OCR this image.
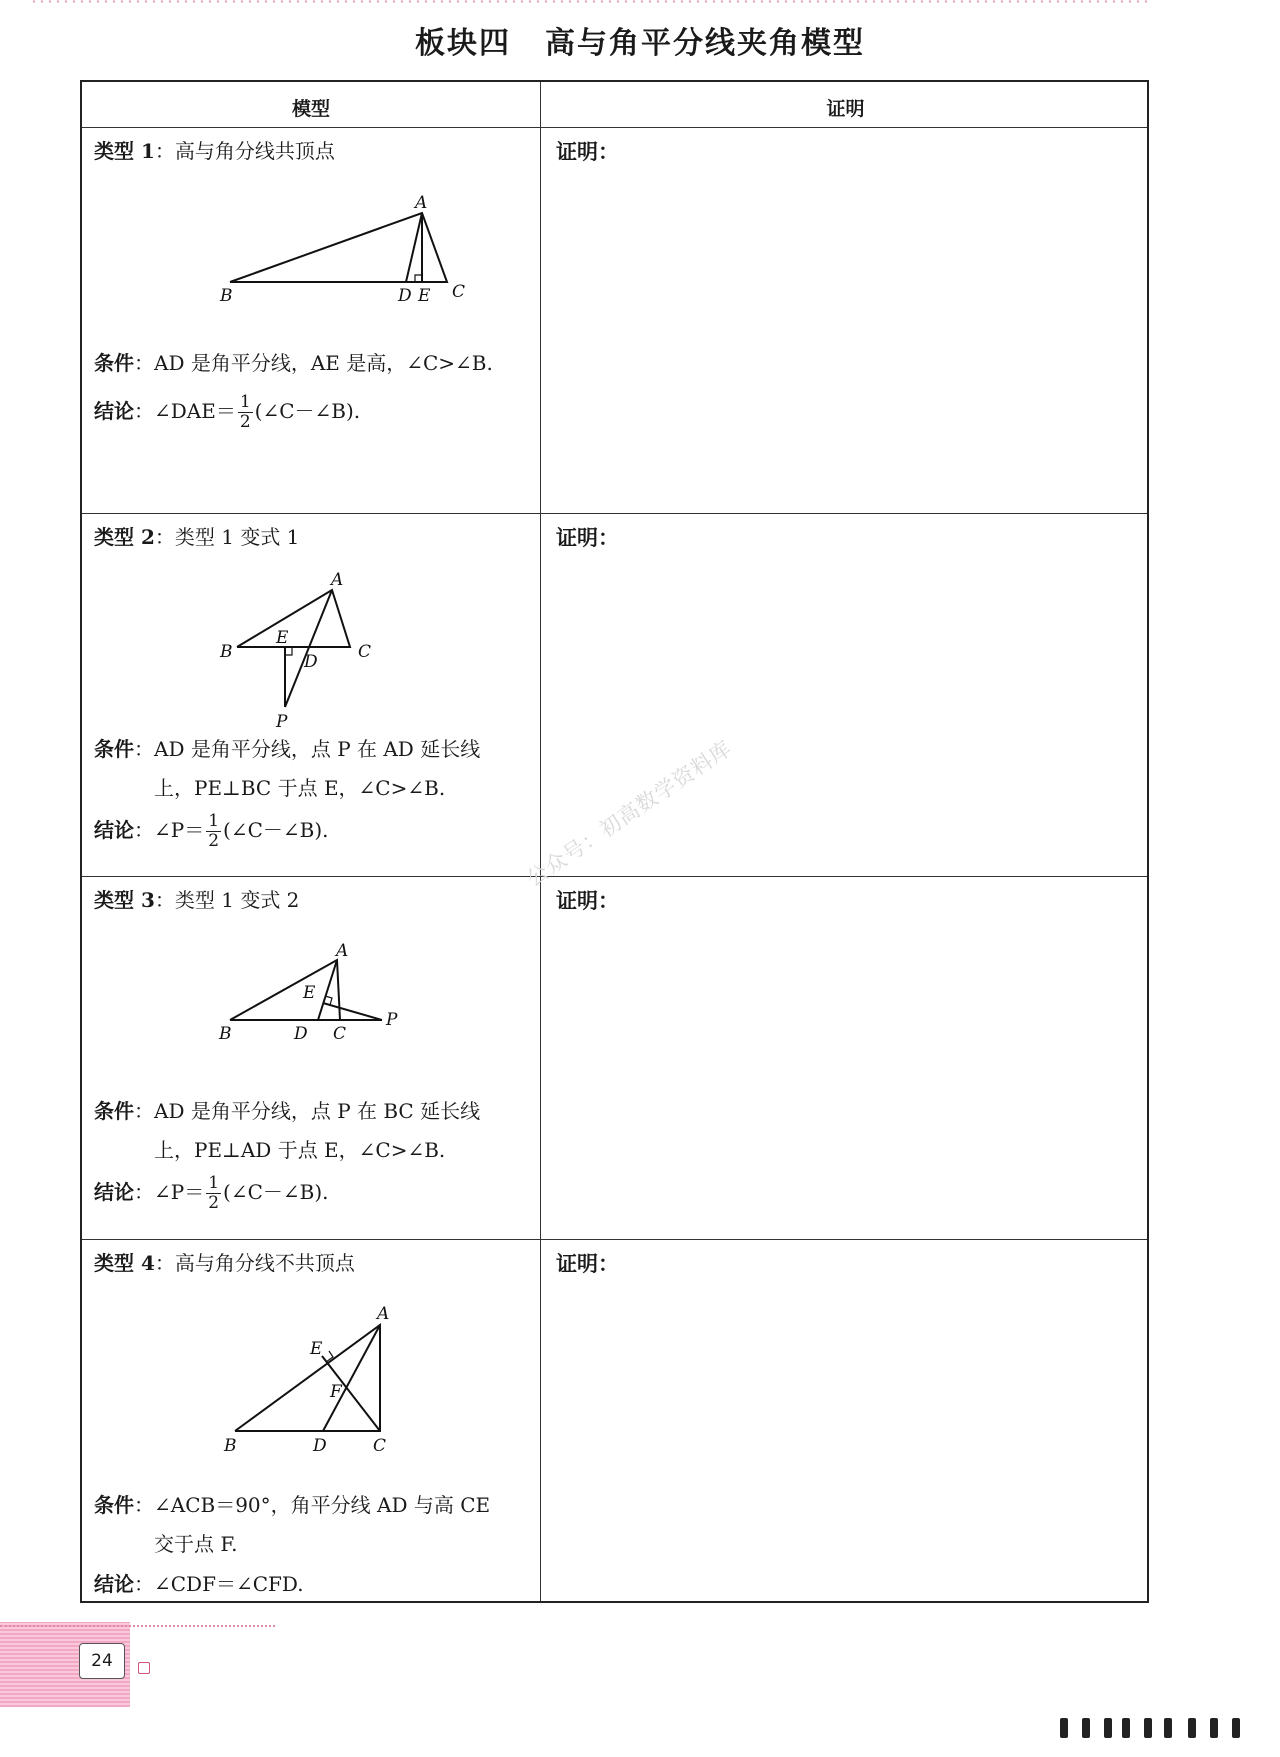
板块四 高与角平分线夹角模型
模型	证明
类型 1：高与角分线共顶点
A
B	D E C
条件：AD 是角平分线，AE 是高，∠C>∠B.
结论：∠DAE＝ $\frac{1}{2}$ (∠C－∠B).
证明：
类型 2：类型 1 变式 1
A
B
E
D C
P
条件：AD 是角平分线，点 P 在 AD 延长线
上，PE⊥BC 于点 E，∠C>∠B.
结论：∠P＝ $\frac{1}{2}$ (∠C－∠B).
证明：
类型 3：类型 1 变式 2
A
E
B	D C
P
条件：AD 是角平分线，点 P 在 BC 延长线
上，PE⊥AD 于点 E，∠C>∠B.
结论：∠P＝ $\frac{1}{2}$ (∠C－∠B).
证明：
类型 4：高与角分线不共顶点
A
E
F
B	D	C
条件：∠ACB＝90°，角平分线 AD 与高 CE
交于点 F.
结论：∠CDF＝∠CFD.
证明：
公众号：初高数学资料库
24
